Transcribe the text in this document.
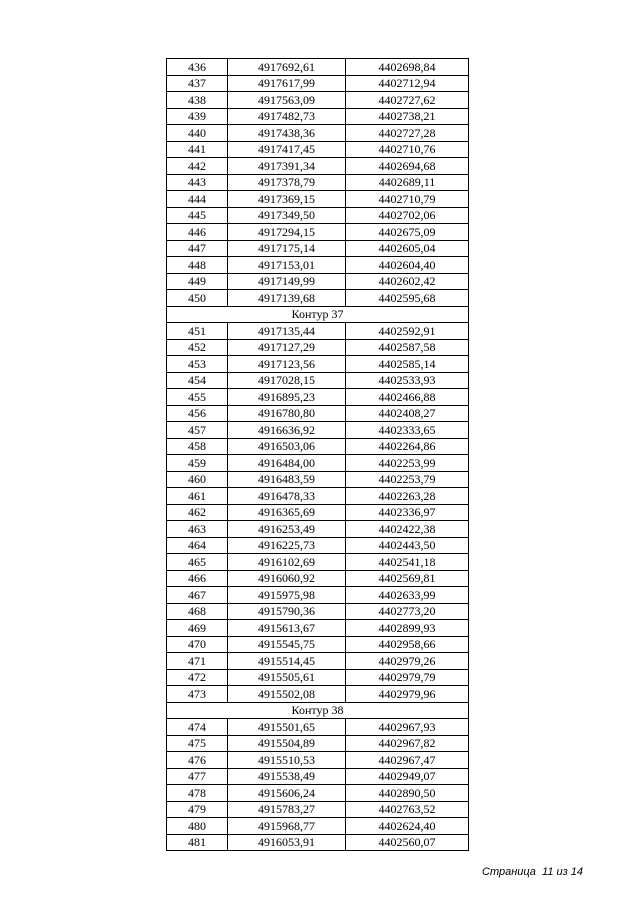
436	4917692,61	4402698,84
437	4917617,99	4402712,94
438	4917563,09	4402727,62
439	4917482,73	4402738,21
440	4917438,36	4402727,28
441	4917417,45	4402710,76
442	4917391,34	4402694,68
443	4917378,79	4402689,11
444	4917369,15	4402710,79
445	4917349,50	4402702,06
446	4917294,15	4402675,09
447	4917175,14	4402605,04
448	4917153,01	4402604,40
449	4917149,99	4402602,42
450	4917139,68	4402595,68
Контур 37		
451	4917135,44	4402592,91
452	4917127,29	4402587,58
453	4917123,56	4402585,14
454	4917028,15	4402533,93
455	4916895,23	4402466,88
456	4916780,80	4402408,27
457	4916636,92	4402333,65
458	4916503,06	4402264,86
459	4916484,00	4402253,99
460	4916483,59	4402253,79
461	4916478,33	4402263,28
462	4916365,69	4402336,97
463	4916253,49	4402422,38
464	4916225,73	4402443,50
465	4916102,69	4402541,18
466	4916060,92	4402569,81
467	4915975,98	4402633,99
468	4915790,36	4402773,20
469	4915613,67	4402899,93
470	4915545,75	4402958,66
471	4915514,45	4402979,26
472	4915505,61	4402979,79
473	4915502,08	4402979,96
Контур 38		
474	4915501,65	4402967,93
475	4915504,89	4402967,82
476	4915510,53	4402967,47
477	4915538,49	4402949,07
478	4915606,24	4402890,50
479	4915783,27	4402763,52
480	4915968,77	4402624,40
481	4916053,91	4402560,07
Страница  11 из 14
